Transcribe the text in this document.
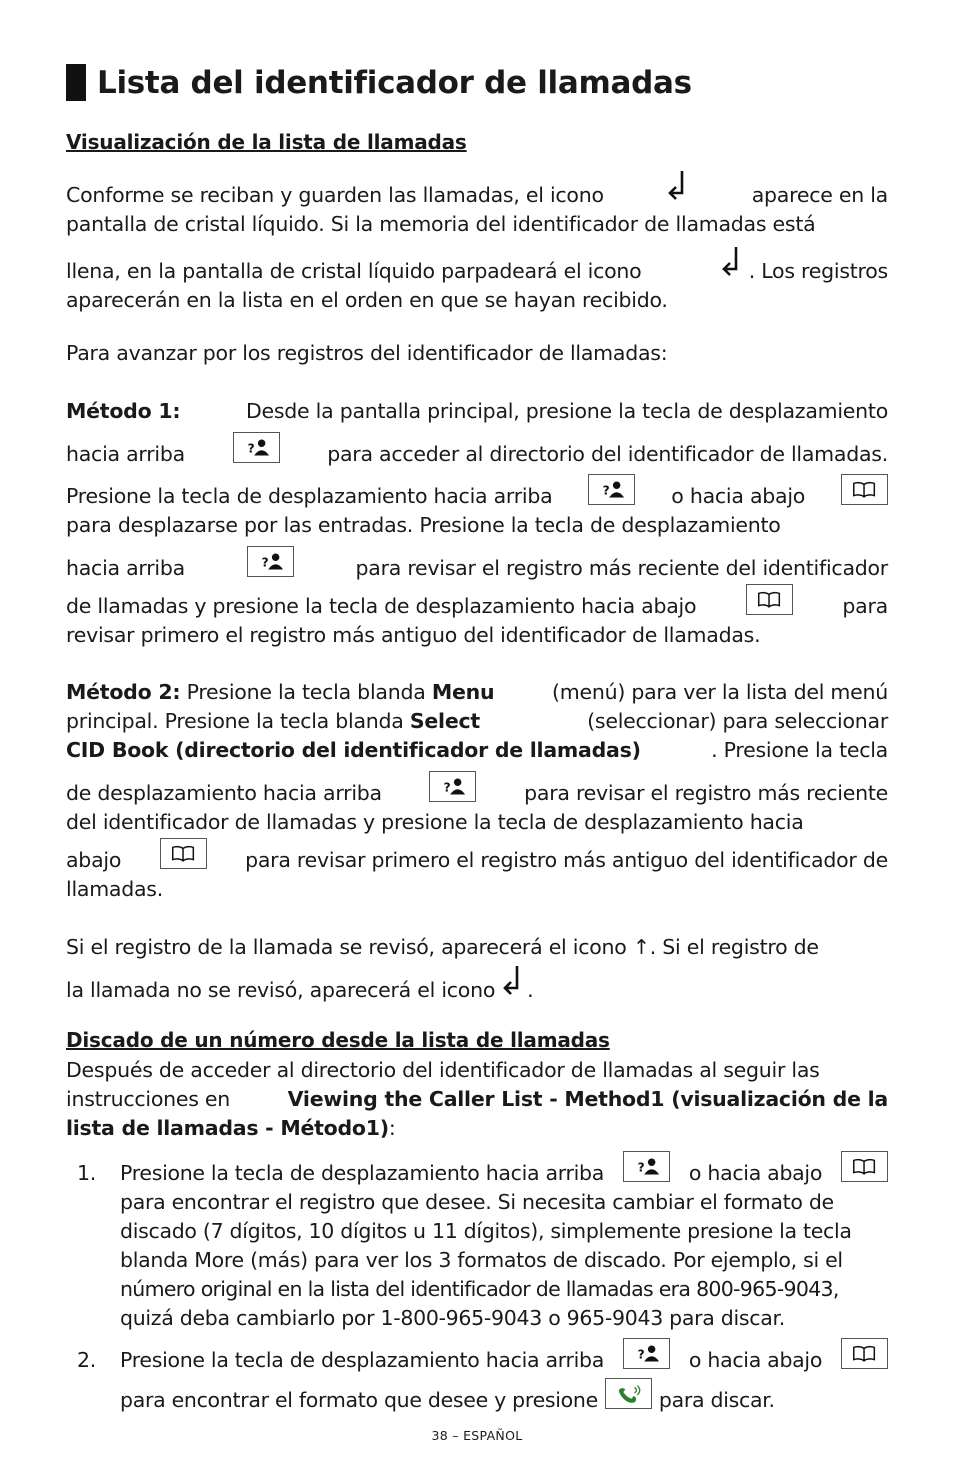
Lista del identificador de llamadas
Visualización de la lista de llamadas
Conforme se reciban y guarden las llamadas, el icono	aparece en la
pantalla de cristal líquido. Si la memoria del identificador de llamadas está
llena, en la pantalla de cristal líquido parpadeará el icono	. Los registros
aparecerán en la lista en el orden en que se hayan recibido.
Para avanzar por los registros del identificador de llamadas:
Método 1:	Desde la pantalla principal, presione la tecla de desplazamiento
hacia arriba	?	para acceder al directorio del identificador de llamadas.
Presione la tecla de desplazamiento hacia arriba	?	o hacia abajo
para desplazarse por las entradas. Presione la tecla de desplazamiento
hacia arriba	?	para revisar el registro más reciente del identificador
de llamadas y presione la tecla de desplazamiento hacia abajo	para
revisar primero el registro más antiguo del identificador de llamadas.
Método 2: Presione la tecla blanda Menu	(menú) para ver la lista del menú
principal. Presione la tecla blanda Select	(seleccionar) para seleccionar
CID Book (directorio del identificador de llamadas)	. Presione la tecla
de desplazamiento hacia arriba	?	para revisar el registro más reciente
del identificador de llamadas y presione la tecla de desplazamiento hacia
abajo	para revisar primero el registro más antiguo del identificador de
llamadas.
Si el registro de la llamada se revisó, aparecerá el icono ↑. Si el registro de
la llamada no se revisó, aparecerá el icono .
Discado de un número desde la lista de llamadas
Después de acceder al directorio del identificador de llamadas al seguir las
instrucciones en	Viewing the Caller List - Method1 (visualización de la
lista de llamadas - Método1):
1. Presione la tecla de desplazamiento hacia arriba	? o hacia abajo
para encontrar el registro que desee. Si necesita cambiar el formato de
discado (7 dígitos, 10 dígitos u 11 dígitos), simplemente presione la tecla
blanda More (más) para ver los 3 formatos de discado. Por ejemplo, si el
número original en la lista del identificador de llamadas era 800-965-9043,
quizá deba cambiarlo por 1-800-965-9043 o 965-9043 para discar.
2. Presione la tecla de desplazamiento hacia arriba	? o hacia abajo
para encontrar el formato que desee y presione	para discar.
38 – ESPAÑOL
